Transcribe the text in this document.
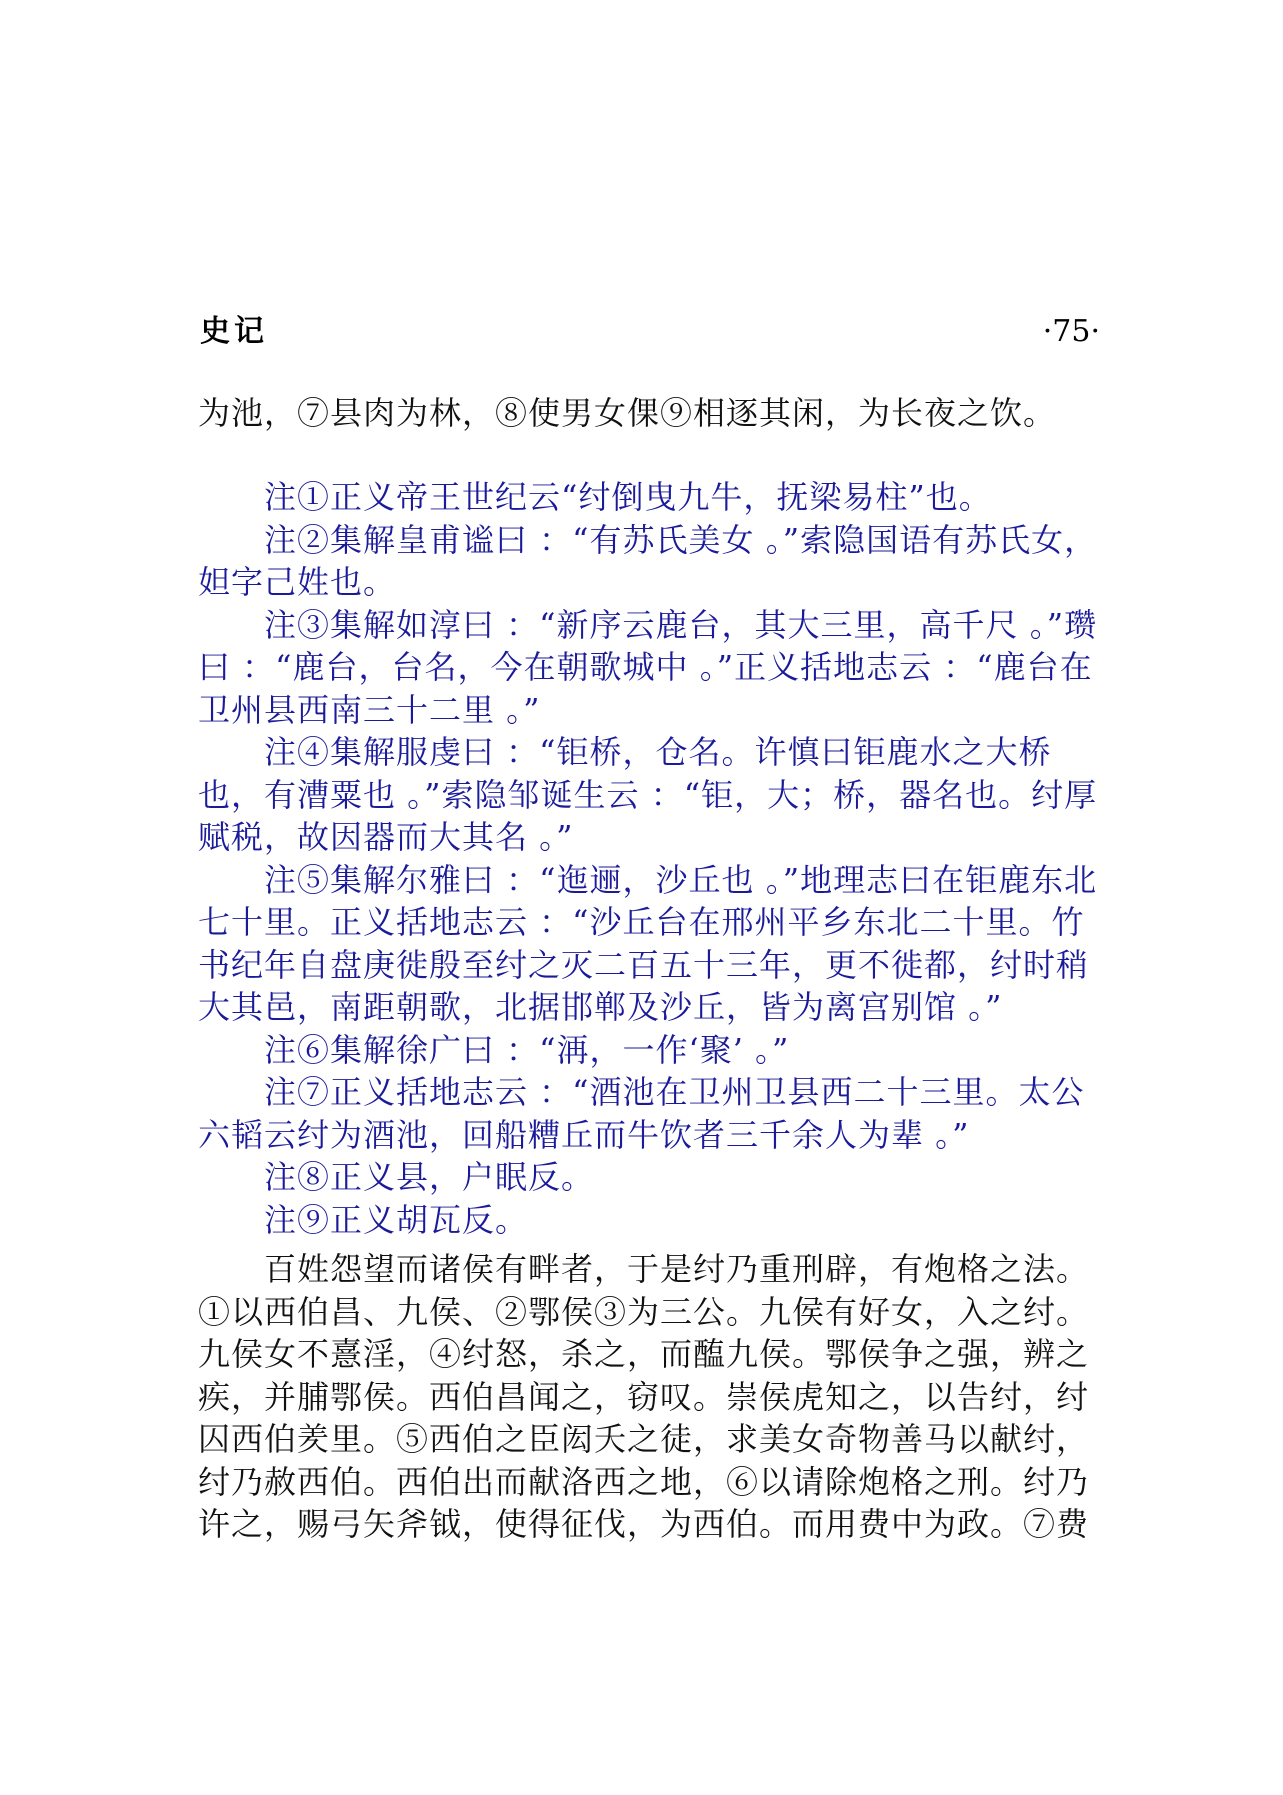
史记	·75·
为池，⑦县肉为林，⑧使男女倮⑨相逐其闲，为长夜之饮。

注①正义帝王世纪云“纣倒曳九牛，抚梁易柱”也。

注②集解皇甫谧曰 ：“有苏氏美女 。”索隐国语有苏氏女，妲字己姓也。

注③集解如淳曰 ：“新序云鹿台，其大三里，高千尺 。”瓒曰 ：“鹿台，台名，今在朝歌城中 。”正义括地志云 ：“鹿台在卫州县西南三十二里 。”

注④集解服虔曰 ：“钜桥，仓名。许慎曰钜鹿水之大桥也，有漕粟也 。”索隐邹诞生云 ：“钜，大；桥，器名也。纣厚赋税，故因器而大其名 。”

注⑤集解尔雅曰 ：“迤逦，沙丘也 。”地理志曰在钜鹿东北七十里。正义括地志云 ：“沙丘台在邢州平乡东北二十里。竹书纪年自盘庚徙殷至纣之灭二百五十三年，更不徙都，纣时稍大其邑，南距朝歌，北据邯郸及沙丘，皆为离宫别馆 。”

注⑥集解徐广曰 ：“洅，一作‘聚’ 。”

注⑦正义括地志云 ：“酒池在卫州卫县西二十三里。太公六韬云纣为酒池，回船糟丘而牛饮者三千余人为辈 。”

注⑧正义县，户眠反。

注⑨正义胡瓦反。

百姓怨望而诸侯有畔者，于是纣乃重刑辟，有炮格之法。①以西伯昌、九侯、②鄂侯③为三公。九侯有好女，入之纣。九侯女不憙淫，④纣怒，杀之，而醢九侯。鄂侯争之强，辨之疾，并脯鄂侯。西伯昌闻之，窃叹。崇侯虎知之，以告纣，纣囚西伯羑里。⑤西伯之臣闳夭之徒，求美女奇物善马以献纣，纣乃赦西伯。西伯出而献洛西之地，⑥以请除炮格之刑。纣乃许之，赐弓矢斧钺，使得征伐，为西伯。而用费中为政。⑦费
